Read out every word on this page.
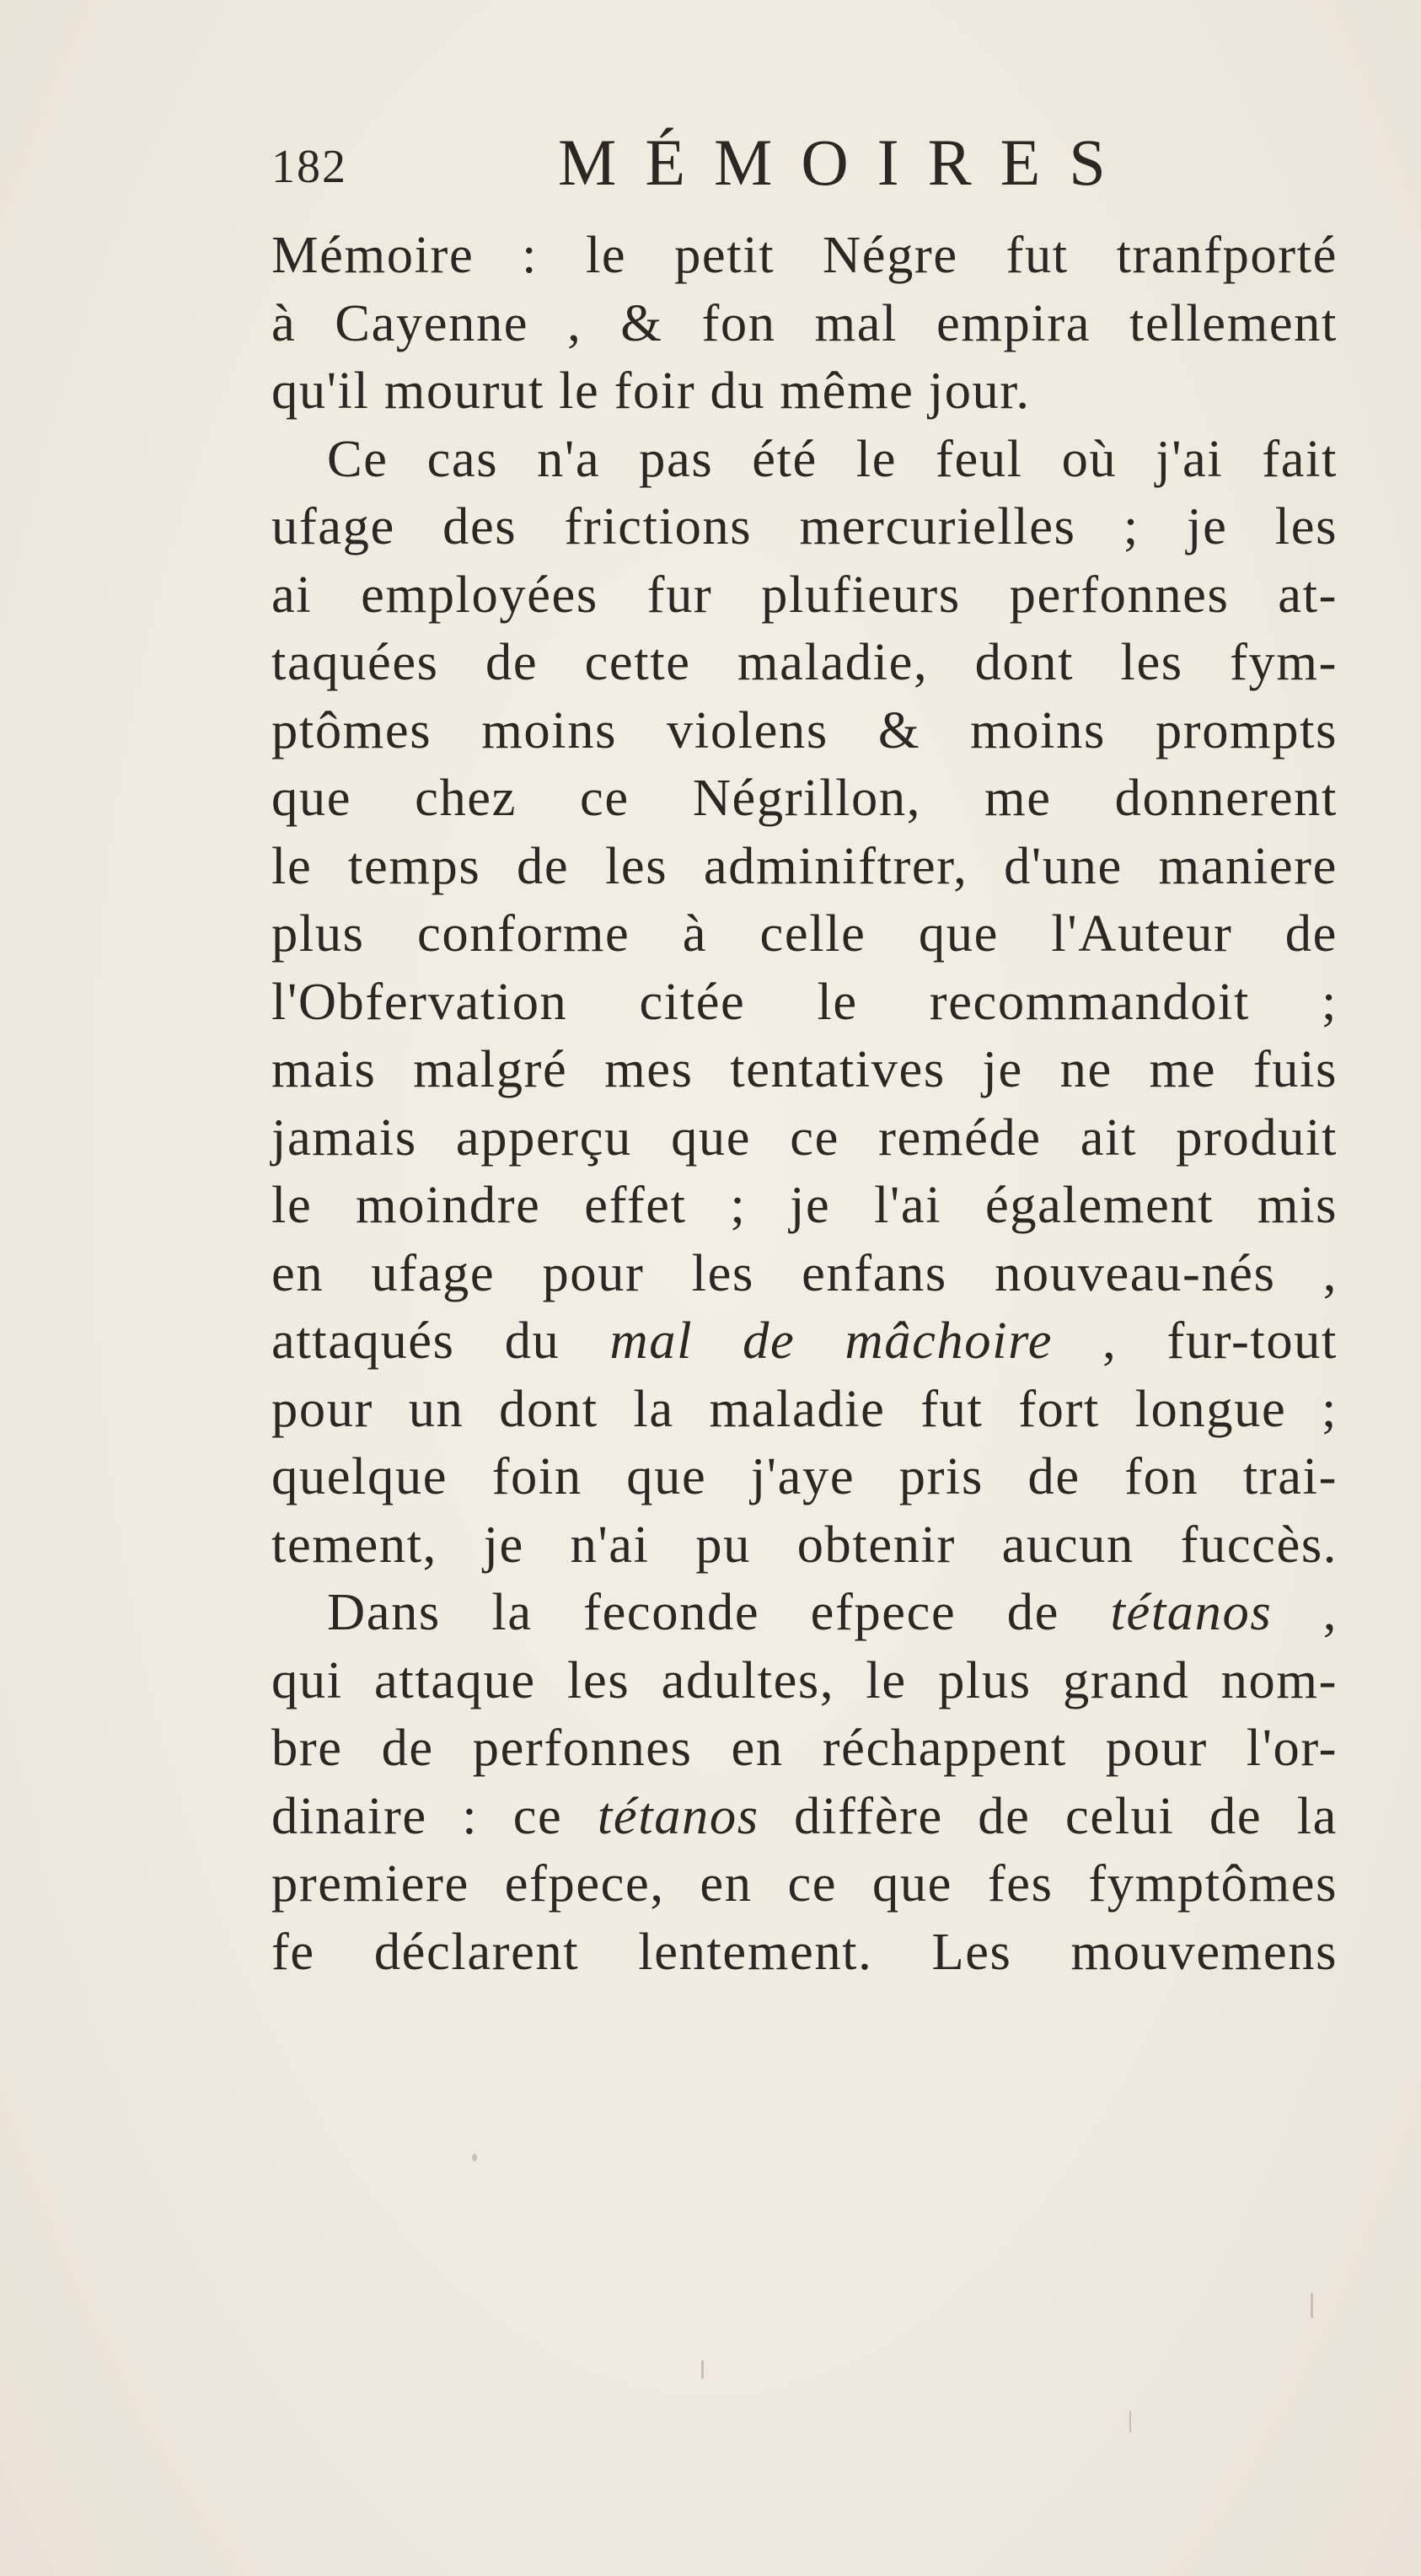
182	MÉMOIRES
Mémoire : le petit Négre fut tranfporté
à Cayenne , & fon mal empira tellement
qu'il mourut le foir du même jour.
Ce cas n'a pas été le feul où j'ai fait
ufage des frictions mercurielles ; je les
ai employées fur plufieurs perfonnes at-
taquées de cette maladie, dont les fym-
ptômes moins violens & moins prompts
que chez ce Négrillon, me donnerent
le temps de les adminiftrer, d'une maniere
plus conforme à celle que l'Auteur de
l'Obfervation citée le recommandoit ;
mais malgré mes tentatives je ne me fuis
jamais apperçu que ce reméde ait produit
le moindre effet ; je l'ai également mis
en ufage pour les enfans nouveau-nés ,
attaqués du mal de mâchoire , fur-tout
pour un dont la maladie fut fort longue ;
quelque foin que j'aye pris de fon trai-
tement, je n'ai pu obtenir aucun fuccès.
Dans la feconde efpece de tétanos ,
qui attaque les adultes, le plus grand nom-
bre de perfonnes en réchappent pour l'or-
dinaire : ce tétanos diffère de celui de la
premiere efpece, en ce que fes fymptômes
fe déclarent lentement. Les mouvemens
